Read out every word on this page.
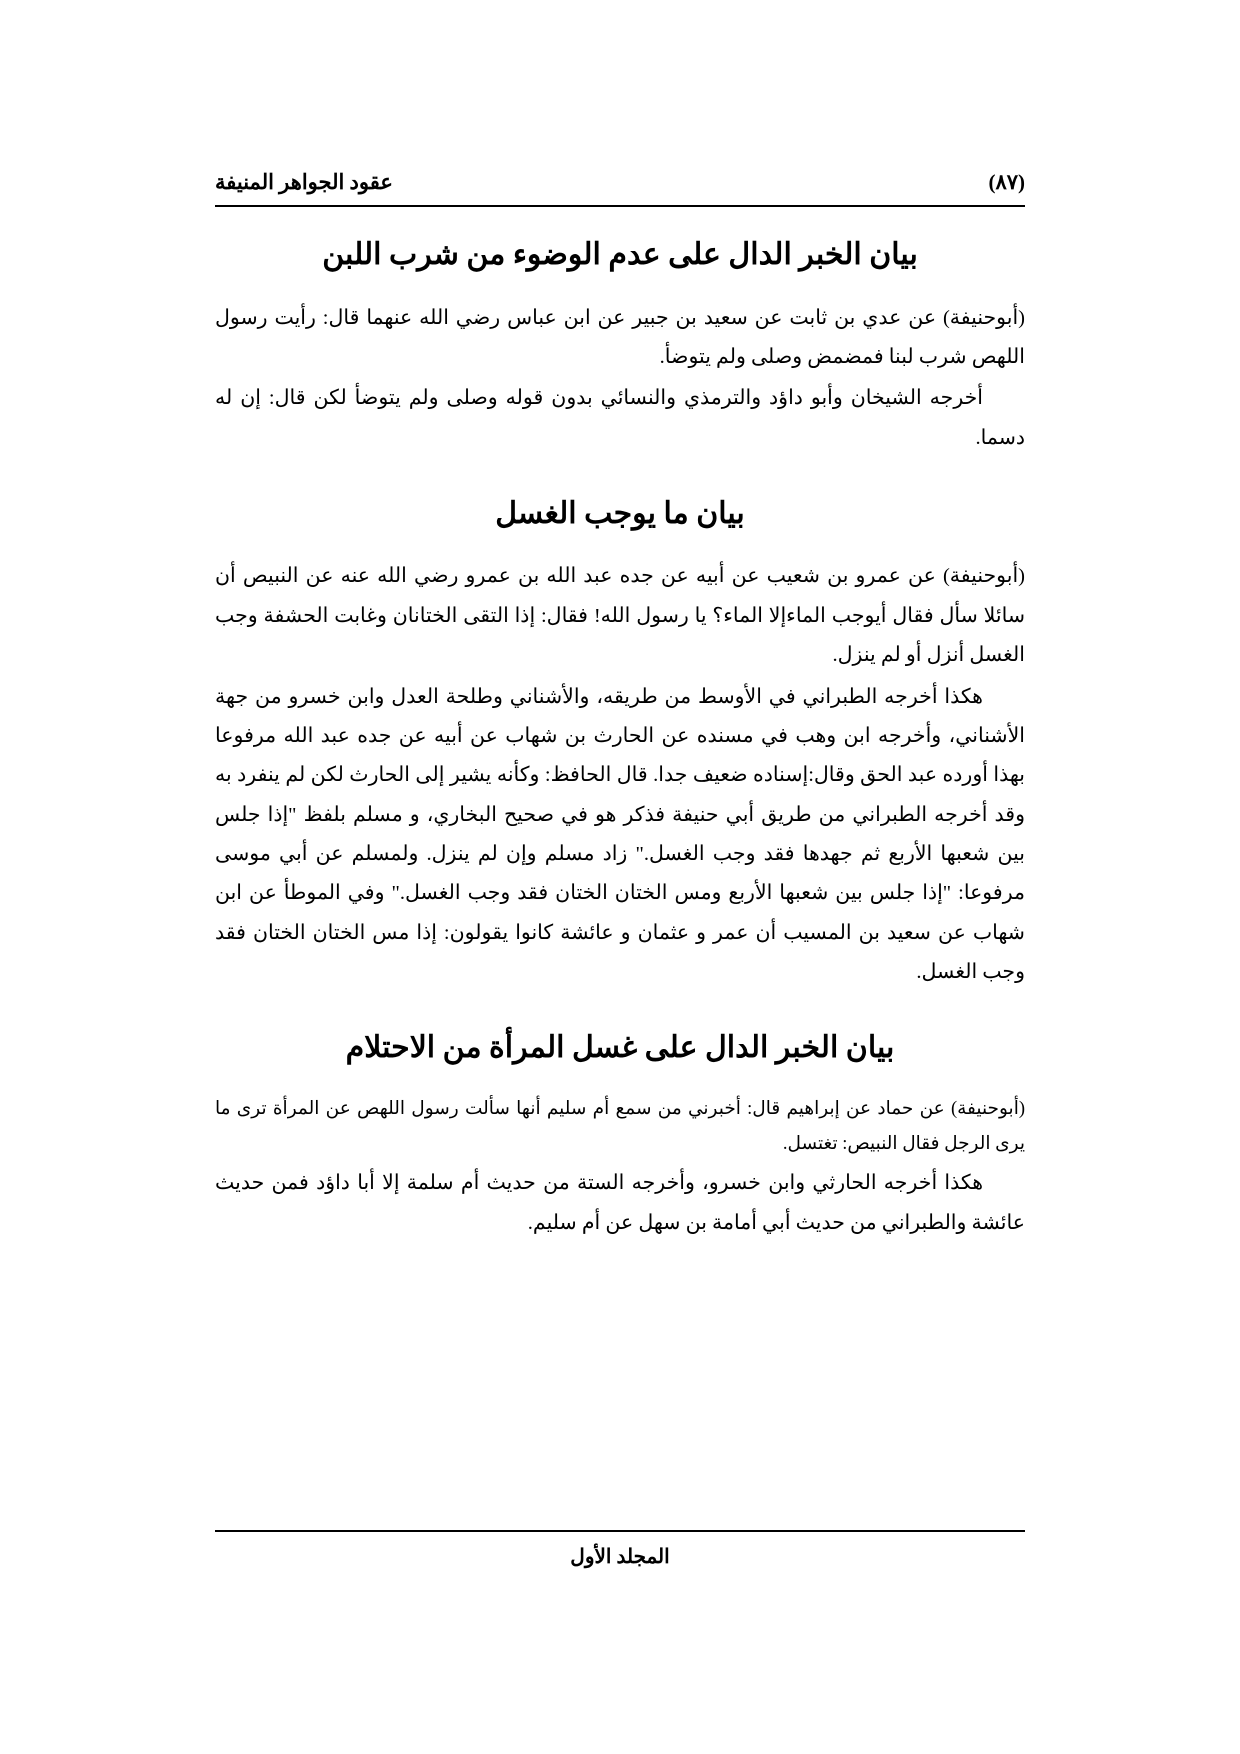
عقود الجواهر المنيفة	(٨٧)
بيان الخبر الدال على عدم الوضوء من شرب اللبن

(أبوحنيفة) عن عدي بن ثابت عن سعيد بن جبير عن ابن عباس رضي الله عنهما قال: رأيت رسول اللهص شرب لبنا فمضمض وصلى ولم يتوضأ.

أخرجه الشيخان وأبو داؤد والترمذي والنسائي بدون قوله وصلى ولم يتوضأ لكن قال: إن له دسما.

بيان ما يوجب الغسل

(أبوحنيفة) عن عمرو بن شعيب عن أبيه عن جده عبد الله بن عمرو رضي الله عنه عن النبيص أن سائلا سأل فقال أيوجب الماءإلا الماء؟ يا رسول الله! فقال: إذا التقى الختانان وغابت الحشفة وجب الغسل أنزل أو لم ينزل.

هكذا أخرجه الطبراني في الأوسط من طريقه، والأشناني وطلحة العدل وابن خسرو من جهة الأشناني، وأخرجه ابن وهب في مسنده عن الحارث بن شهاب عن أبيه عن جده عبد الله مرفوعا بهذا أورده عبد الحق وقال:إسناده ضعيف جدا. قال الحافظ: وكأنه يشير إلى الحارث لكن لم ينفرد به وقد أخرجه الطبراني من طريق أبي حنيفة فذكر هو في صحيح البخاري، و مسلم بلفظ "إذا جلس بين شعبها الأربع ثم جهدها فقد وجب الغسل." زاد مسلم وإن لم ينزل. ولمسلم عن أبي موسى مرفوعا: "إذا جلس بين شعبها الأربع ومس الختان الختان فقد وجب الغسل." وفي الموطأ عن ابن شهاب عن سعيد بن المسيب أن عمر و عثمان و عائشة كانوا يقولون: إذا مس الختان الختان فقد وجب الغسل.

بيان الخبر الدال على غسل المرأة من الاحتلام

(أبوحنيفة) عن حماد عن إبراهيم قال: أخبرني من سمع أم سليم أنها سألت رسول اللهص عن المرأة ترى ما يرى الرجل فقال النبيص: تغتسل.

هكذا أخرجه الحارثي وابن خسرو، وأخرجه الستة من حديث أم سلمة إلا أبا داؤد فمن حديث عائشة والطبراني من حديث أبي أمامة بن سهل عن أم سليم.

المجلد الأول
